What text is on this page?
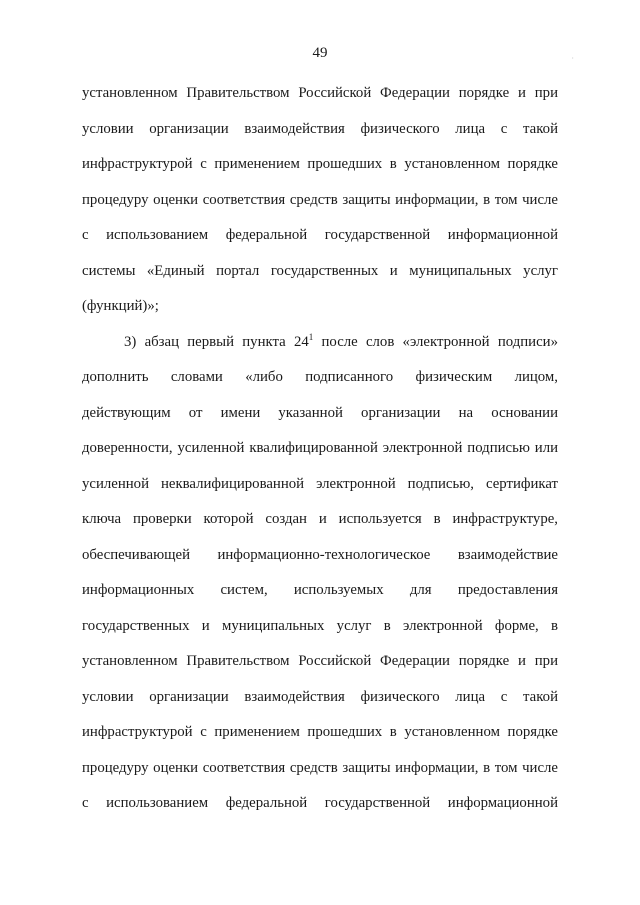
49	·
установленном Правительством Российской Федерации порядке и при
условии организации взаимодействия физического лица с такой
инфраструктурой с применением прошедших в установленном порядке
процедуру оценки соответствия средств защиты информации, в том числе
с использованием федеральной государственной информационной
системы «Единый портал государственных и муниципальных услуг
(функций)»;
3) абзац первый пункта $24^1$ после слов «электронной подписи»
дополнить словами «либо подписанного физическим лицом,
действующим от имени указанной организации на основании
доверенности, усиленной квалифицированной электронной подписью или
усиленной неквалифицированной электронной подписью, сертификат
ключа проверки которой создан и используется в инфраструктуре,
обеспечивающей информационно-технологическое взаимодействие
информационных систем, используемых для предоставления
государственных и муниципальных услуг в электронной форме, в
установленном Правительством Российской Федерации порядке и при
условии организации взаимодействия физического лица с такой
инфраструктурой с применением прошедших в установленном порядке
процедуру оценки соответствия средств защиты информации, в том числе
с использованием федеральной государственной информационной
